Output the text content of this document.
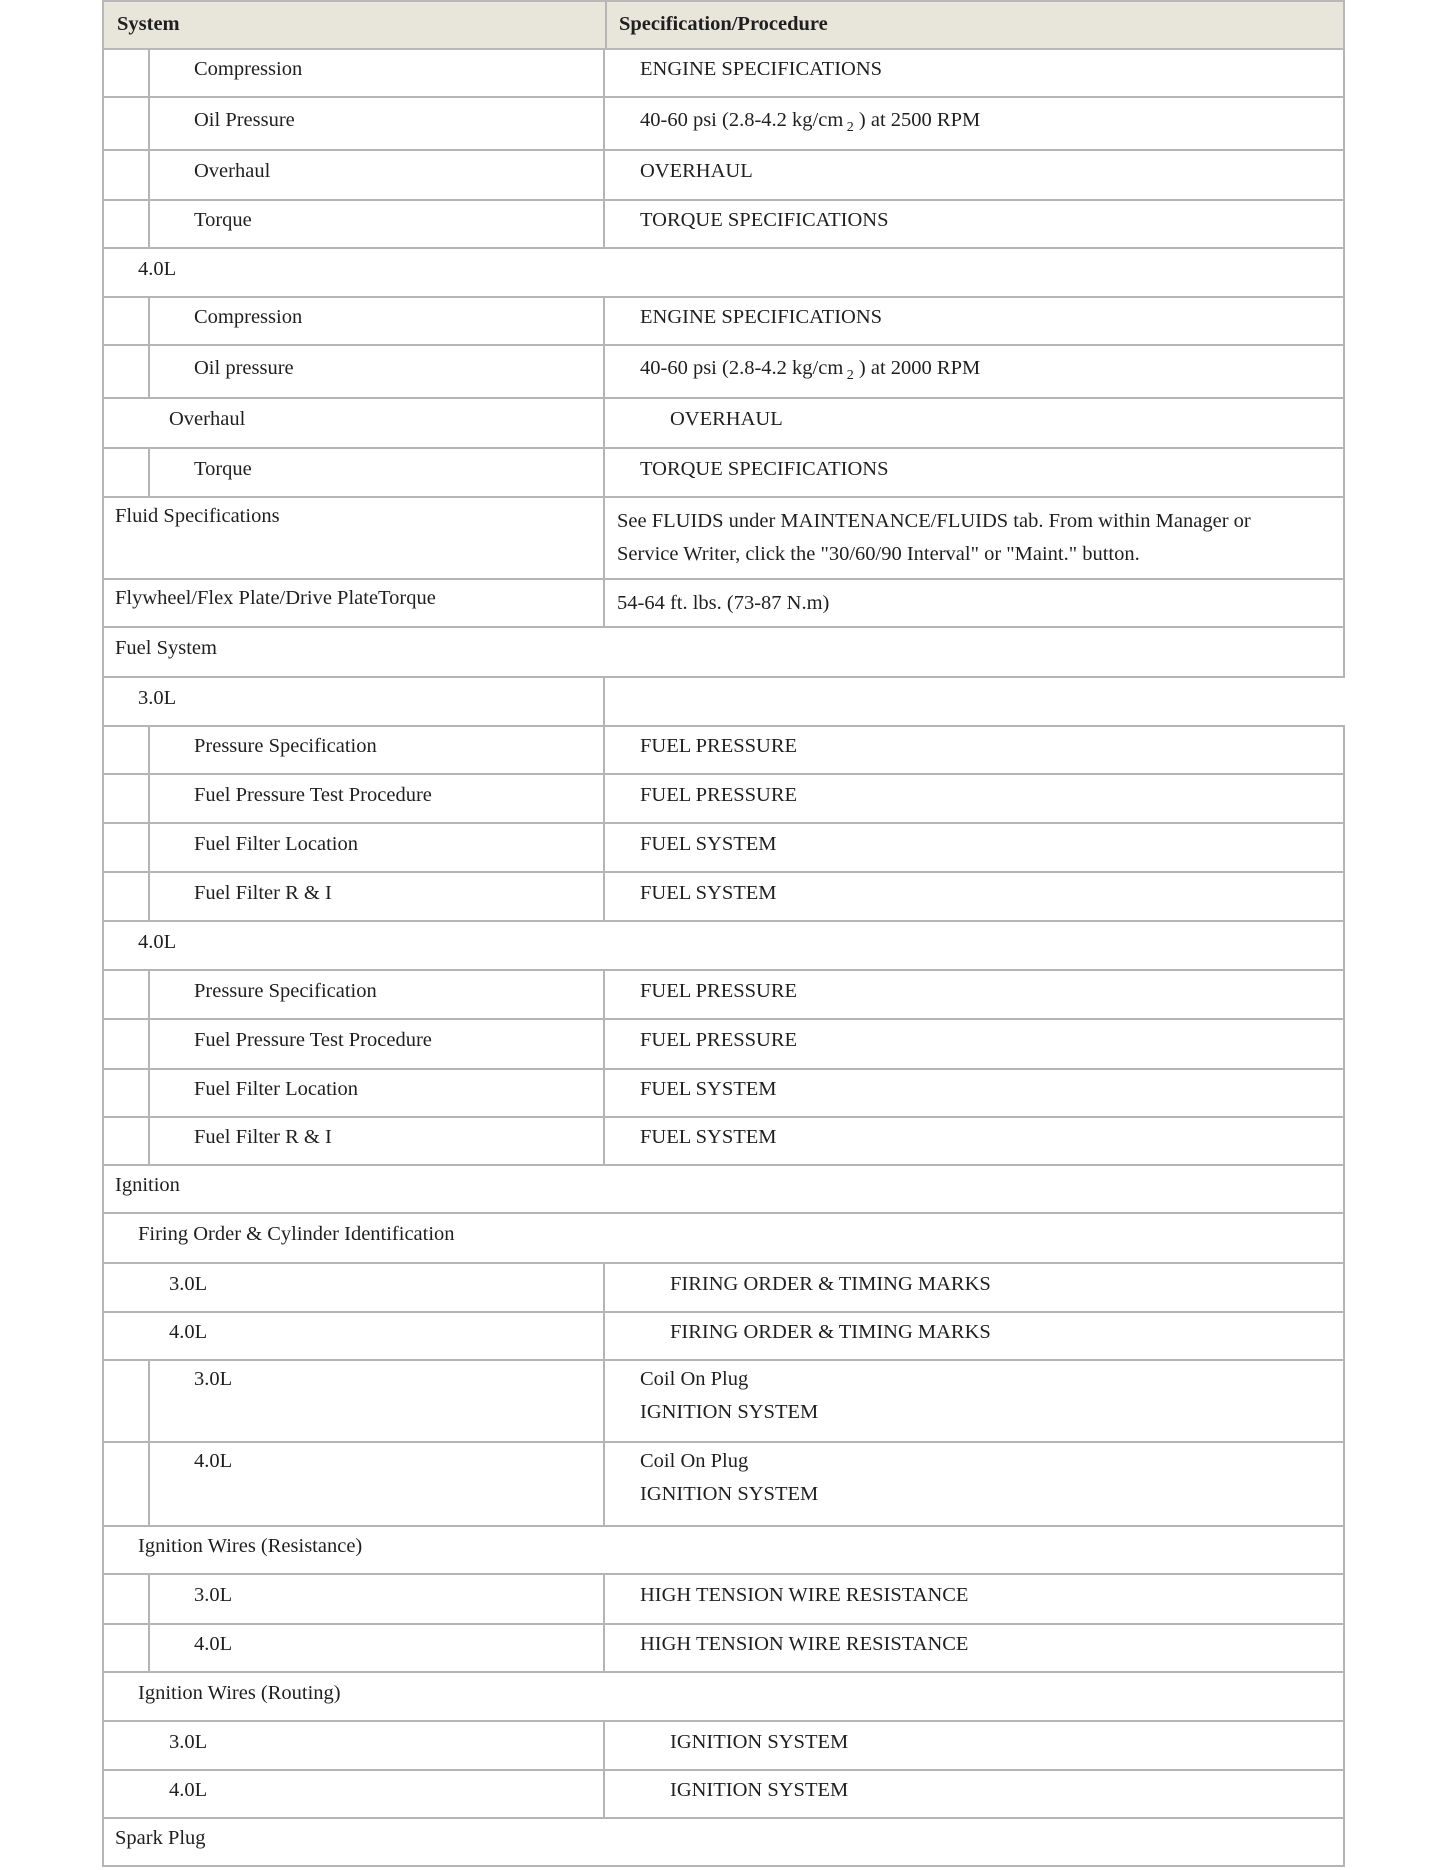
System	Specification/Procedure
Compression	ENGINE SPECIFICATIONS
Oil Pressure	40-60 psi (2.8-4.2 kg/cm $_2$ ) at 2500 RPM
Overhaul	OVERHAUL
Torque	TORQUE SPECIFICATIONS
4.0L
Compression	ENGINE SPECIFICATIONS
Oil pressure	40-60 psi (2.8-4.2 kg/cm $_2$ ) at 2000 RPM
Overhaul	OVERHAUL
Torque	TORQUE SPECIFICATIONS
Fluid Specifications	See FLUIDS under MAINTENANCE/FLUIDS tab. From within Manager or Service Writer, click the "30/60/90 Interval" or "Maint." button.
Flywheel/Flex Plate/Drive PlateTorque	54-64 ft. lbs. (73-87 N.m)
Fuel System
3.0L
Pressure Specification	FUEL PRESSURE
Fuel Pressure Test Procedure	FUEL PRESSURE
Fuel Filter Location	FUEL SYSTEM
Fuel Filter R & I	FUEL SYSTEM
4.0L
Pressure Specification	FUEL PRESSURE
Fuel Pressure Test Procedure	FUEL PRESSURE
Fuel Filter Location	FUEL SYSTEM
Fuel Filter R & I	FUEL SYSTEM
Ignition
Firing Order & Cylinder Identification
3.0L	FIRING ORDER & TIMING MARKS
4.0L	FIRING ORDER & TIMING MARKS
3.0L	Coil On Plug
IGNITION SYSTEM
4.0L	Coil On Plug
IGNITION SYSTEM
Ignition Wires (Resistance)
3.0L	HIGH TENSION WIRE RESISTANCE
4.0L	HIGH TENSION WIRE RESISTANCE
Ignition Wires (Routing)
3.0L	IGNITION SYSTEM
4.0L	IGNITION SYSTEM
Spark Plug
